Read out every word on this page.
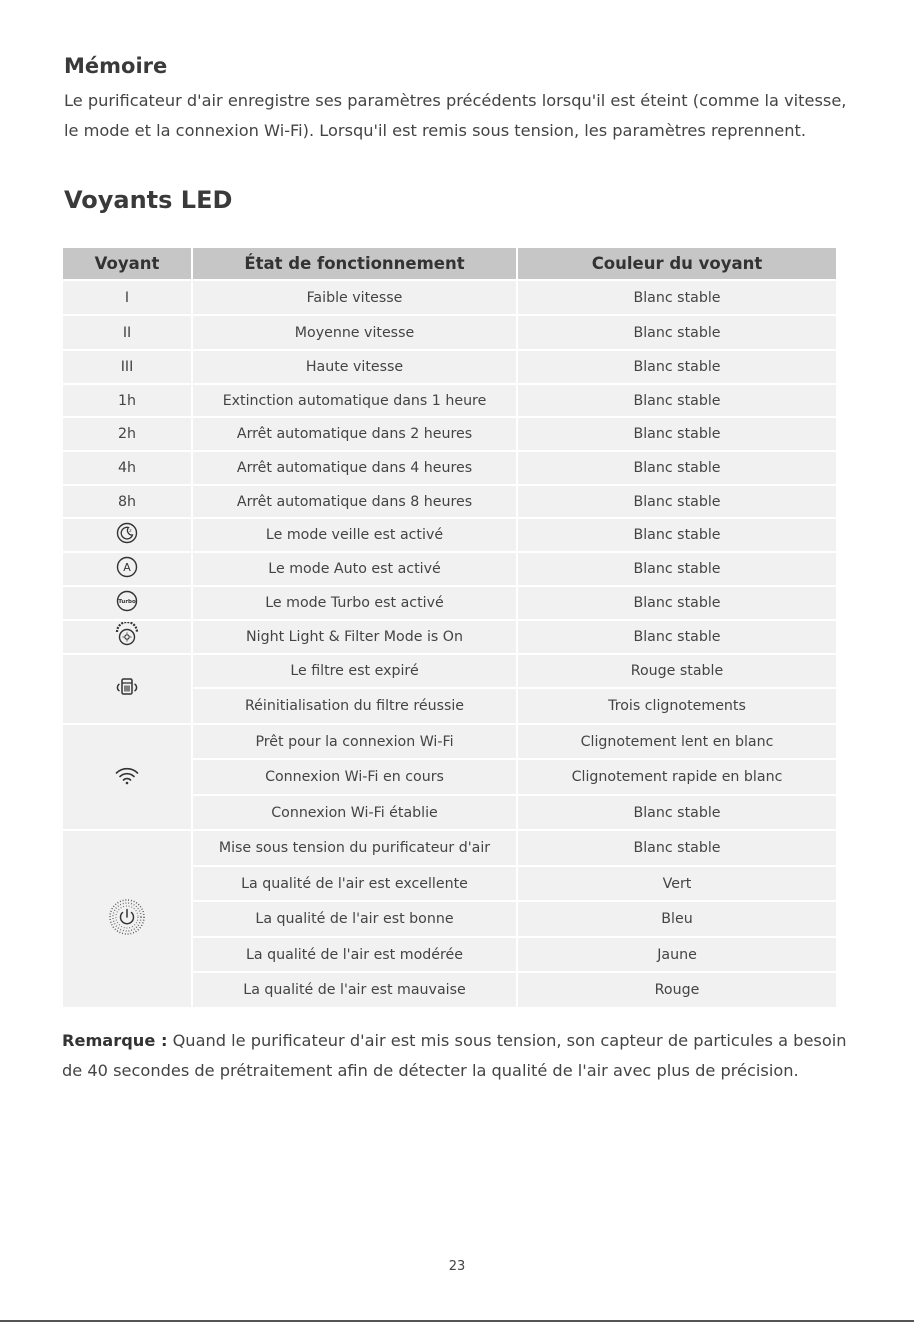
Mémoire

Le purificateur d'air enregistre ses paramètres précédents lorsqu'il est éteint (comme la vitesse, le mode et la connexion Wi-Fi). Lorsqu'il est remis sous tension, les paramètres reprennent.

Voyants LED
Voyant	État de fonctionnement	Couleur du voyant
I	Faible vitesse	Blanc stable
II	Moyenne vitesse	Blanc stable
III	Haute vitesse	Blanc stable
1h	Extinction automatique dans 1 heure	Blanc stable
2h	Arrêt automatique dans 2 heures	Blanc stable
4h	Arrêt automatique dans 4 heures	Blanc stable
8h	Arrêt automatique dans 8 heures	Blanc stable

z	Le mode veille est activé	Blanc stable

A	Le mode Auto est activé	Blanc stable

Turbo	Le mode Turbo est activé	Blanc stable
	Night Light & Filter Mode is On	Blanc stable
	Le filtre est expiré	Rouge stable
	Réinitialisation du filtre réussie	Trois clignotements
	Prêt pour la connexion Wi-Fi	Clignotement lent en blanc
	Connexion Wi-Fi en cours	Clignotement rapide en blanc
	Connexion Wi-Fi établie	Blanc stable
	Mise sous tension du purificateur d'air	Blanc stable
	La qualité de l'air est excellente	Vert
	La qualité de l'air est bonne	Bleu
	La qualité de l'air est modérée	Jaune
	La qualité de l'air est mauvaise	Rouge

Remarque : Quand le purificateur d'air est mis sous tension, son capteur de particules a besoin de 40 secondes de prétraitement afin de détecter la qualité de l'air avec plus de précision.

23
